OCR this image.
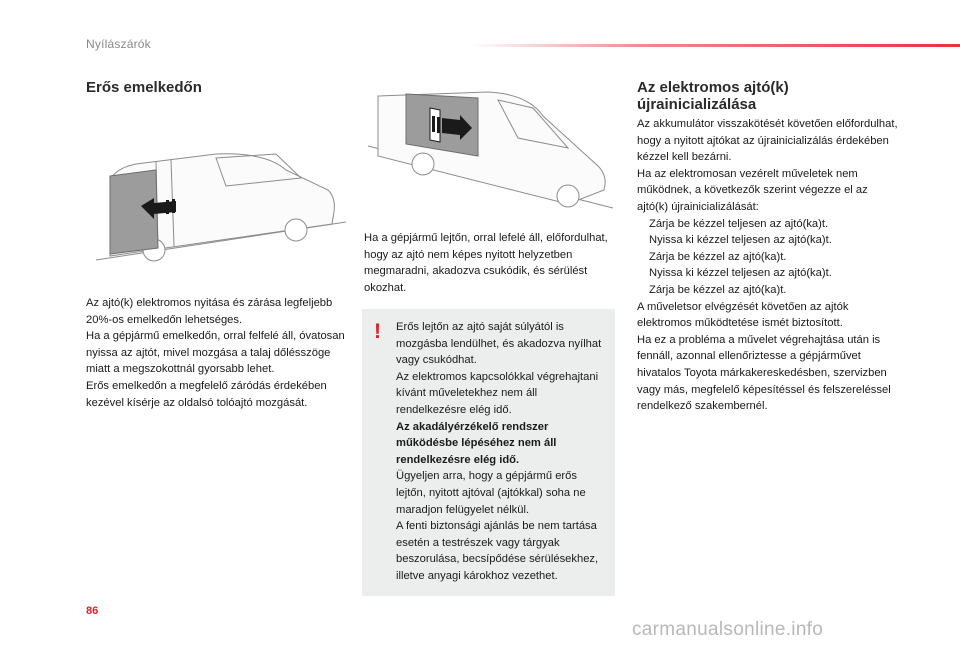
Nyílászárók
Erős emelkedőn

Az ajtó(k) elektromos nyitása és zárása legfeljebb 20%-os emelkedőn lehetséges.

Ha a gépjármű emelkedőn, orral felfelé áll, óvatosan nyissa az ajtót, mivel mozgása a talaj dőlésszöge miatt a megszokottnál gyorsabb lehet.

Erős emelkedőn a megfelelő záródás érdekében kezével kísérje az oldalsó tolóajtó mozgását.

Ha a gépjármű lejtőn, orral lefelé áll, előfordulhat, hogy az ajtó nem képes nyitott helyzetben megmaradni, akadozva csukódik, és sérülést okozhat.

! Erős lejtőn az ajtó saját súlyától is mozgásba lendülhet, és akadozva nyílhat vagy csukódhat.

Az elektromos kapcsolókkal végrehajtani kívánt műveletekhez nem áll rendelkezésre elég idő.

Az akadályérzékelő rendszer működésbe lépéséhez nem áll rendelkezésre elég idő.

Ügyeljen arra, hogy a gépjármű erős lejtőn, nyitott ajtóval (ajtókkal) soha ne maradjon felügyelet nélkül.

A fenti biztonsági ajánlás be nem tartása esetén a testrészek vagy tárgyak beszorulása, becsípődése sérülésekhez, illetve anyagi károkhoz vezethet.

Az elektromos ajtó(k) újrainicializálása

Az akkumulátor visszakötését követően előfordulhat, hogy a nyitott ajtókat az újrainicializálás érdekében kézzel kell bezárni.

Ha az elektromosan vezérelt műveletek nem működnek, a következők szerint végezze el az ajtó(k) újrainicializálását:

Zárja be kézzel teljesen az ajtó(ka)t.
Nyissa ki kézzel teljesen az ajtó(ka)t.
Zárja be kézzel az ajtó(ka)t.
Nyissa ki kézzel teljesen az ajtó(ka)t.
Zárja be kézzel az ajtó(ka)t.

A műveletsor elvégzését követően az ajtók elektromos működtetése ismét biztosított.

Ha ez a probléma a művelet végrehajtása után is fennáll, azonnal ellenőriztesse a gépjárművet hivatalos Toyota márkakereskedésben, szervizben vagy más, megfelelő képesítéssel és felszereléssel rendelkező szakembernél.

86
carmanualsonline.info
